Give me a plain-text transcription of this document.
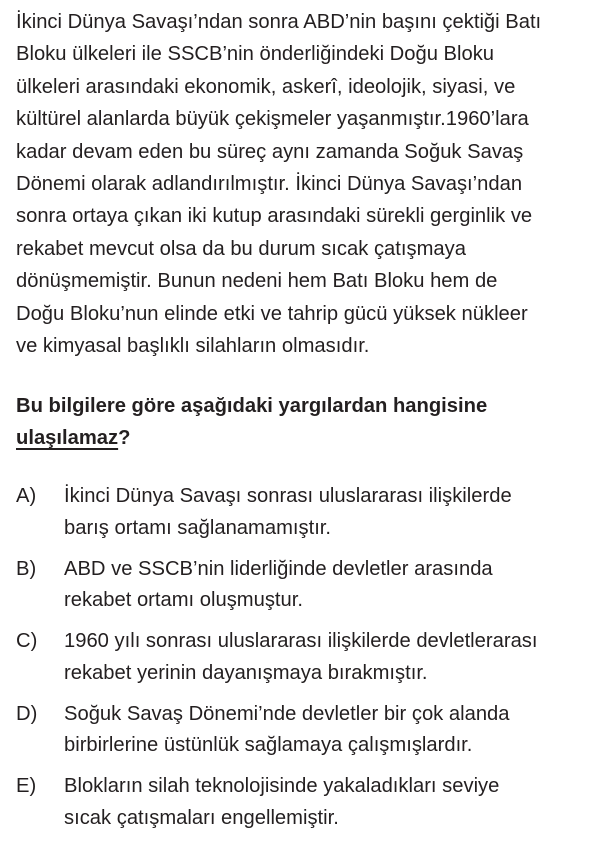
İkinci Dünya Savaşı’ndan sonra ABD’nin başını çektiği Batı
Bloku ülkeleri ile SSCB’nin önderliğindeki Doğu Bloku
ülkeleri arasındaki ekonomik, askerî, ideolojik, siyasi, ve
kültürel alanlarda büyük çekişmeler yaşanmıştır.1960’lara
kadar devam eden bu süreç aynı zamanda Soğuk Savaş
Dönemi olarak adlandırılmıştır. İkinci Dünya Savaşı’ndan
sonra ortaya çıkan iki kutup arasındaki sürekli gerginlik ve
rekabet mevcut olsa da bu durum sıcak çatışmaya
dönüşmemiştir. Bunun nedeni hem Batı Bloku hem de
Doğu Bloku’nun elinde etki ve tahrip gücü yüksek nükleer
ve kimyasal başlıklı silahların olmasıdır.
Bu bilgilere göre aşağıdaki yargılardan hangisine
ulaşılamaz?
A) İkinci Dünya Savaşı sonrası uluslararası ilişkilerde
barış ortamı sağlanamamıştır.
B) ABD ve SSCB’nin liderliğinde devletler arasında
rekabet ortamı oluşmuştur.
C) 1960 yılı sonrası uluslararası ilişkilerde devletlerarası
rekabet yerinin dayanışmaya bırakmıştır.
D) Soğuk Savaş Dönemi’nde devletler bir çok alanda
birbirlerine üstünlük sağlamaya çalışmışlardır.
E) Blokların silah teknolojisinde yakaladıkları seviye
sıcak çatışmaları engellemiştir.
